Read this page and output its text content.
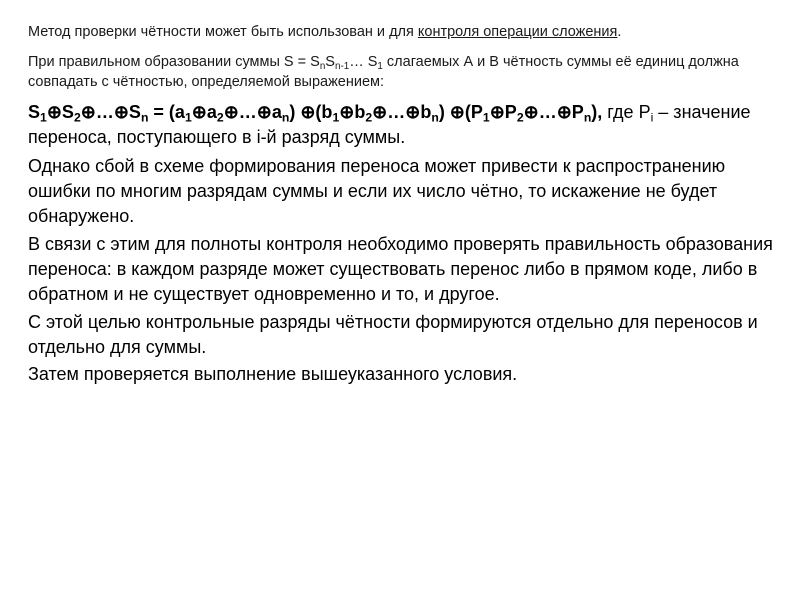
Метод проверки чётности может быть использован и для контроля операции сложения.

При правильном образовании суммы $S = S_nS_{n-1}\dots$ $S_1$ слагаемых А и В чётность суммы её единиц должна совпадать с чётностью, определяемой выражением:

$S_1\oplus S_2\oplus\dots\oplus S_n$ = $(a_1\oplus a_2\oplus\dots\oplus a_n)$ $\oplus(b_1\oplus b_2\oplus\dots\oplus b_n)$ $\oplus(P_1\oplus P_2\oplus\dots\oplus P_n)$, где $P_i$ – значение переноса, поступающего в i-й разряд суммы.

Однако сбой в схеме формирования переноса может привести к распространению ошибки по многим разрядам суммы и если их число чётно, то искажение не будет обнаружено.

В связи с этим для полноты контроля необходимо проверять правильность образования переноса: в каждом разряде может существовать перенос либо в прямом коде, либо в обратном и не существует одновременно и то, и другое.

С этой целью контрольные разряды чётности формируются отдельно для переносов и отдельно для суммы.

Затем проверяется выполнение вышеуказанного условия.
